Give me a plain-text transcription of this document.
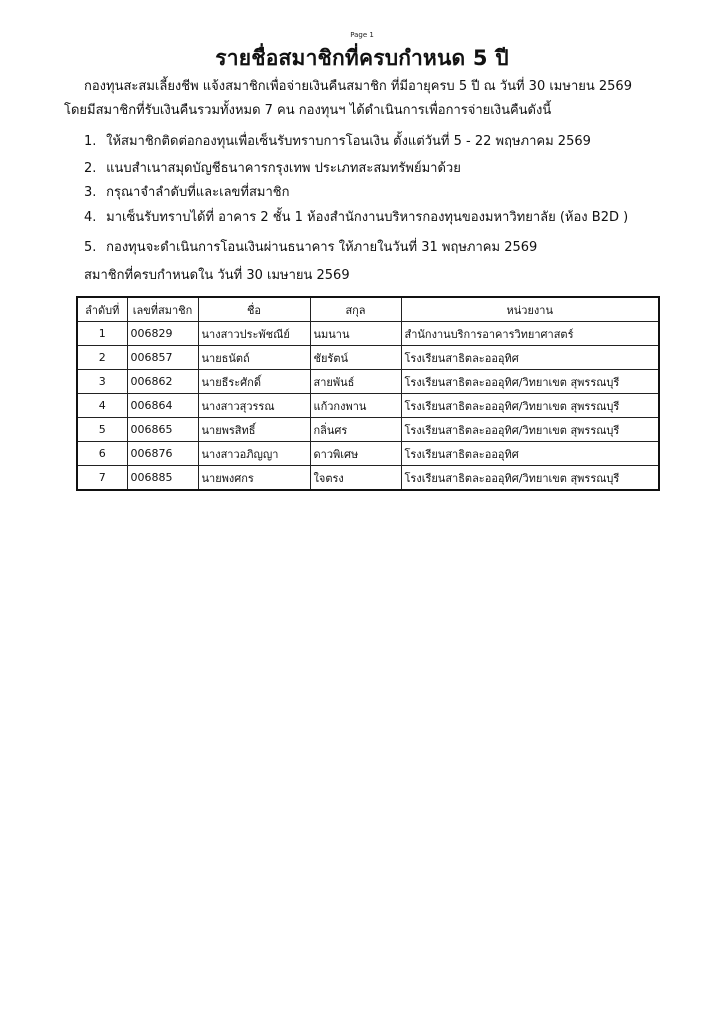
Page 1
รายชื่อสมาชิกที่ครบกำหนด 5 ปี
กองทุนสะสมเลี้ยงชีพ แจ้งสมาชิกเพื่อจ่ายเงินคืนสมาชิก ที่มีอายุครบ 5 ปี ณ วันที่ 30 เมษายน 2569
โดยมีสมาชิกที่รับเงินคืนรวมทั้งหมด 7 คน กองทุนฯ ได้ดำเนินการเพื่อการจ่ายเงินคืนดังนี้
1. ให้สมาชิกติดต่อกองทุนเพื่อเซ็นรับทราบการโอนเงิน ตั้งแต่วันที่ 5 - 22 พฤษภาคม 2569
2. แนบสำเนาสมุดบัญชีธนาคารกรุงเทพ ประเภทสะสมทรัพย์มาด้วย
3. กรุณาจำลำดับที่และเลขที่สมาชิก
4. มาเซ็นรับทราบได้ที่ อาคาร 2 ชั้น 1 ห้องสำนักงานบริหารกองทุนของมหาวิทยาลัย (ห้อง B2D )
5. กองทุนจะดำเนินการโอนเงินผ่านธนาคาร ให้ภายในวันที่ 31 พฤษภาคม 2569
สมาชิกที่ครบกำหนดใน วันที่ 30 เมษายน 2569
ลำดับที่	เลขที่สมาชิก	ชื่อ	สกุล	หน่วยงาน
1	006829	นางสาวประพัชณีย์	นมนาน	สำนักงานบริการอาคารวิทยาศาสตร์
2	006857	นายธนัตถ์	ชัยรัตน์	โรงเรียนสาธิตละอออุทิศ
3	006862	นายธีระศักดิ์	สายพันธ์	โรงเรียนสาธิตละอออุทิศ/วิทยาเขต สุพรรณบุรี
4	006864	นางสาวสุวรรณ	แก้วกงพาน	โรงเรียนสาธิตละอออุทิศ/วิทยาเขต สุพรรณบุรี
5	006865	นายพรสิทธิ์	กลิ่นศร	โรงเรียนสาธิตละอออุทิศ/วิทยาเขต สุพรรณบุรี
6	006876	นางสาวอภิญญา	ดาวพิเศษ	โรงเรียนสาธิตละอออุทิศ
7	006885	นายพงศกร	ใจตรง	โรงเรียนสาธิตละอออุทิศ/วิทยาเขต สุพรรณบุรี
